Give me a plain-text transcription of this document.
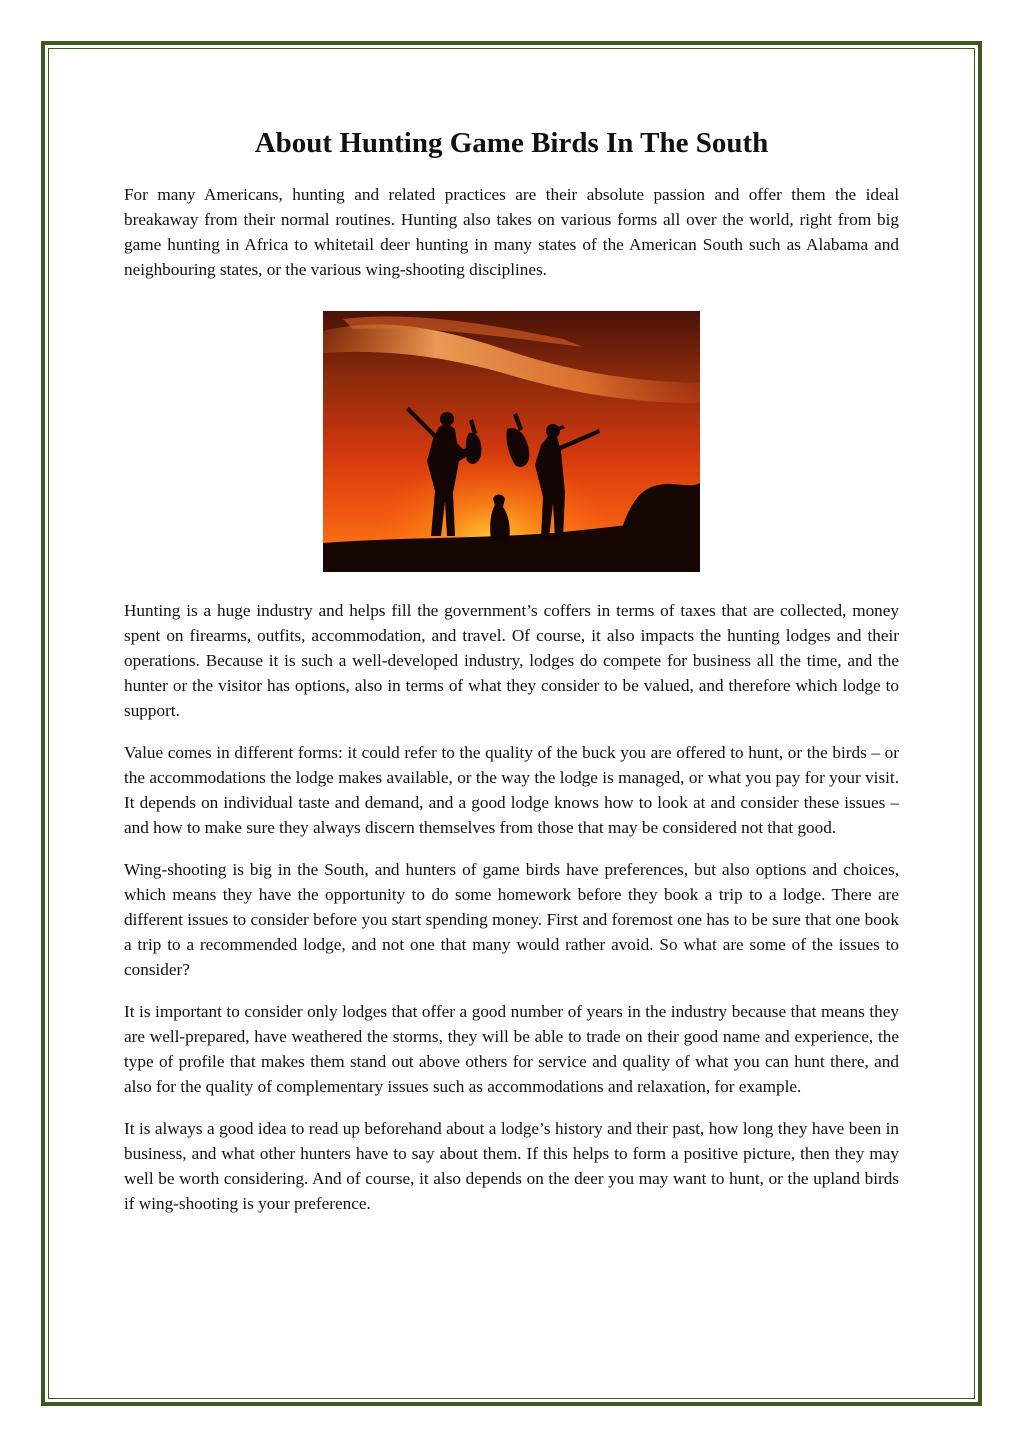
About Hunting Game Birds In The South

For many Americans, hunting and related practices are their absolute passion and offer them the ideal breakaway from their normal routines. Hunting also takes on various forms all over the world, right from big game hunting in Africa to whitetail deer hunting in many states of the American South such as Alabama and neighbouring states, or the various wing-shooting disciplines.

Hunting is a huge industry and helps fill the government’s coffers in terms of taxes that are collected, money spent on firearms, outfits, accommodation, and travel. Of course, it also impacts the hunting lodges and their operations. Because it is such a well-developed industry, lodges do compete for business all the time, and the hunter or the visitor has options, also in terms of what they consider to be valued, and therefore which lodge to support.

Value comes in different forms: it could refer to the quality of the buck you are offered to hunt, or the birds – or the accommodations the lodge makes available, or the way the lodge is managed, or what you pay for your visit. It depends on individual taste and demand, and a good lodge knows how to look at and consider these issues – and how to make sure they always discern themselves from those that may be considered not that good.

Wing-shooting is big in the South, and hunters of game birds have preferences, but also options and choices, which means they have the opportunity to do some homework before they book a trip to a lodge. There are different issues to consider before you start spending money. First and foremost one has to be sure that one book a trip to a recommended lodge, and not one that many would rather avoid. So what are some of the issues to consider?

It is important to consider only lodges that offer a good number of years in the industry because that means they are well-prepared, have weathered the storms, they will be able to trade on their good name and experience, the type of profile that makes them stand out above others for service and quality of what you can hunt there, and also for the quality of complementary issues such as accommodations and relaxation, for example.

It is always a good idea to read up beforehand about a lodge’s history and their past, how long they have been in business, and what other hunters have to say about them. If this helps to form a positive picture, then they may well be worth considering. And of course, it also depends on the deer you may want to hunt, or the upland birds if wing-shooting is your preference.
